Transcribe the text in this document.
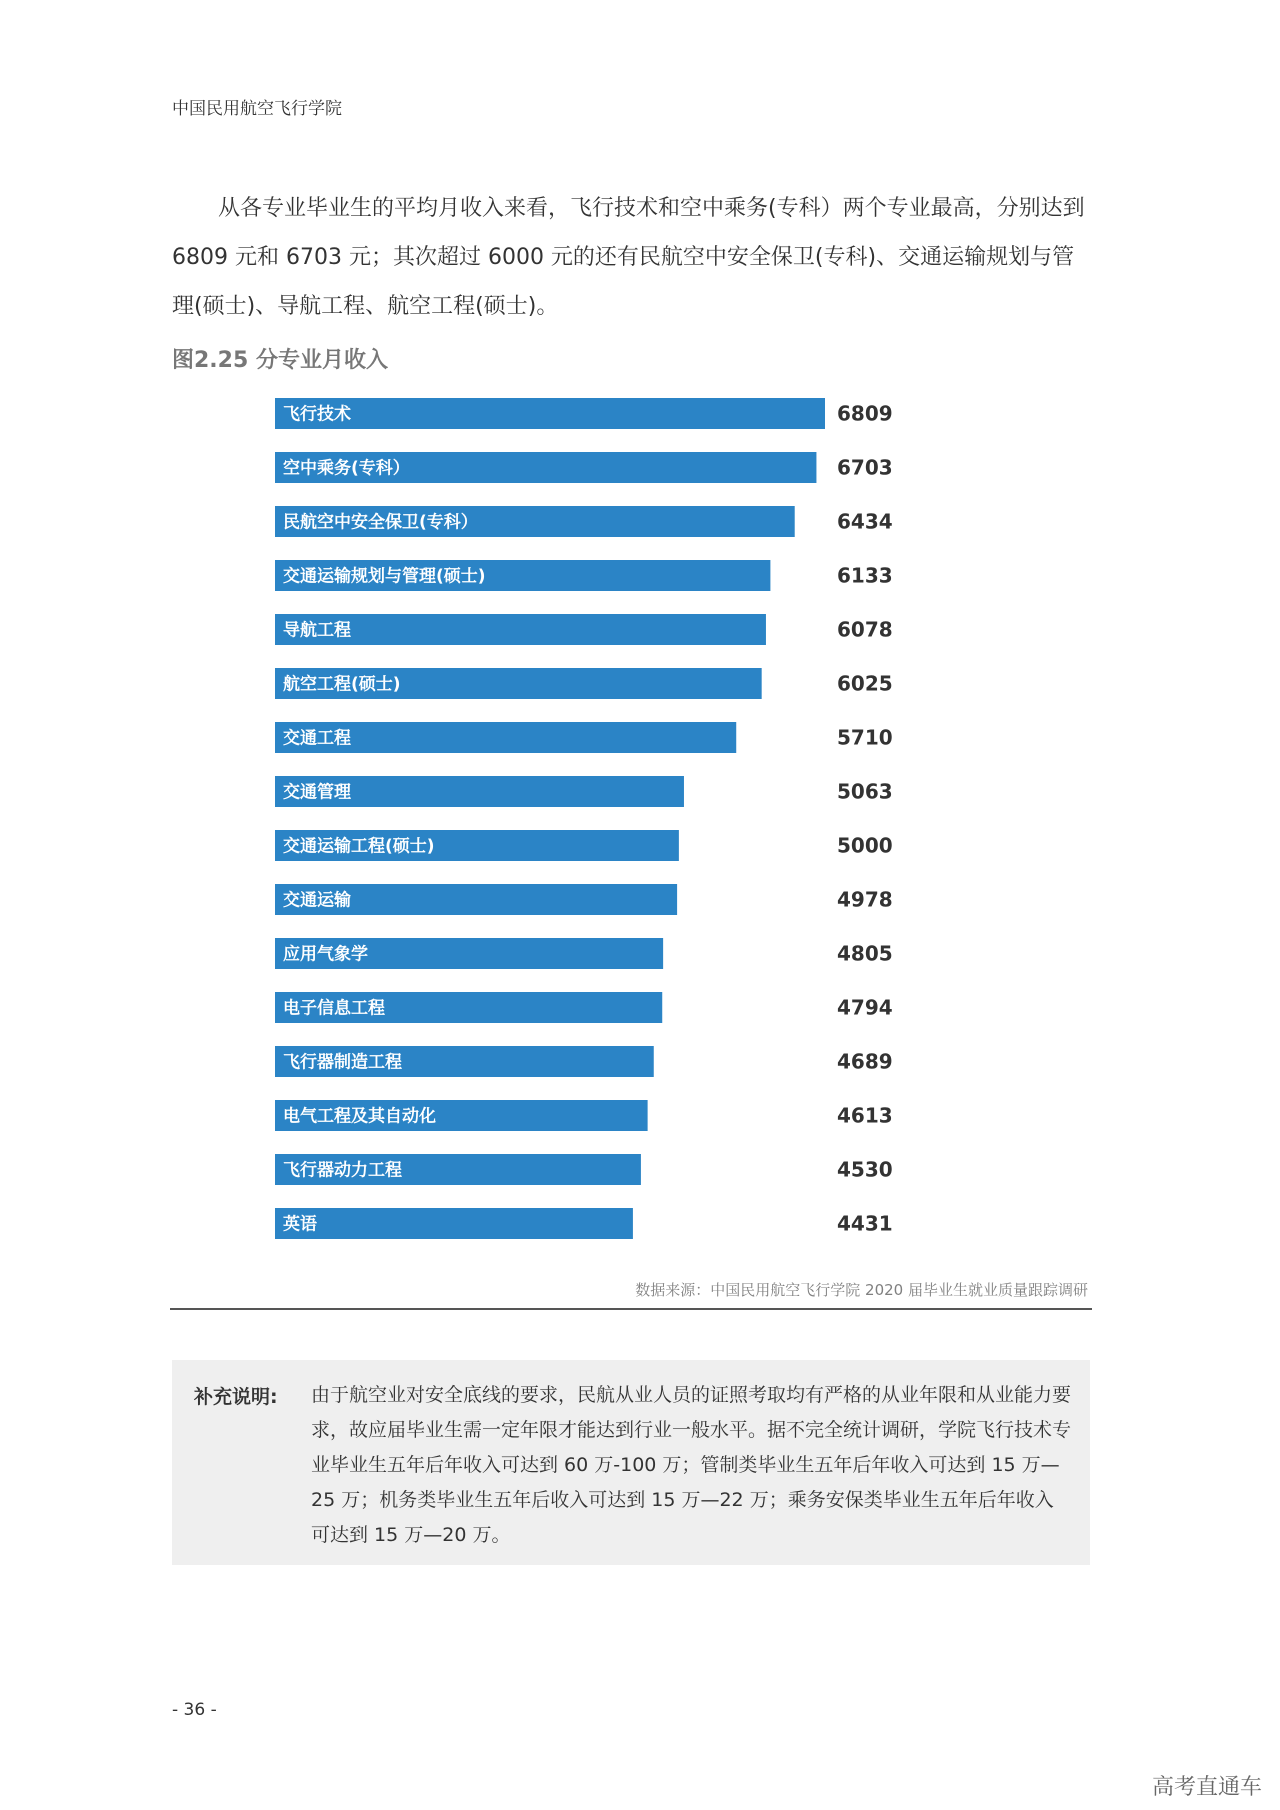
中国民用航空飞行学院

从各专业毕业生的平均月收入来看，飞行技术和空中乘务(专科）两个专业最高，分别达到 6809 元和 6703 元；其次超过 6000 元的还有民航空中安全保卫(专科)、交通运输规划与管理(硕士)、导航工程、航空工程(硕士)。

图2.25 分专业月收入
飞行技术	6809
空中乘务(专科）	6703
民航空中安全保卫(专科）	6434
交通运输规划与管理(硕士)	6133
导航工程	6078
航空工程(硕士)	6025
交通工程	5710
交通管理	5063
交通运输工程(硕士)	5000
交通运输	4978
应用气象学	4805
电子信息工程	4794
飞行器制造工程	4689
电气工程及其自动化	4613
飞行器动力工程	4530
英语	4431
数据来源：中国民用航空飞行学院 2020 届毕业生就业质量跟踪调研
补充说明: 由于航空业对安全底线的要求，民航从业人员的证照考取均有严格的从业年限和从业能力要求，故应届毕业生需一定年限才能达到行业一般水平。据不完全统计调研，学院飞行技术专业毕业生五年后年收入可达到 60 万-100 万；管制类毕业生五年后年收入可达到 15 万—25 万；机务类毕业生五年后收入可达到 15 万—22 万；乘务安保类毕业生五年后年收入可达到 15 万—20 万。

- 36 -
高考直通车
